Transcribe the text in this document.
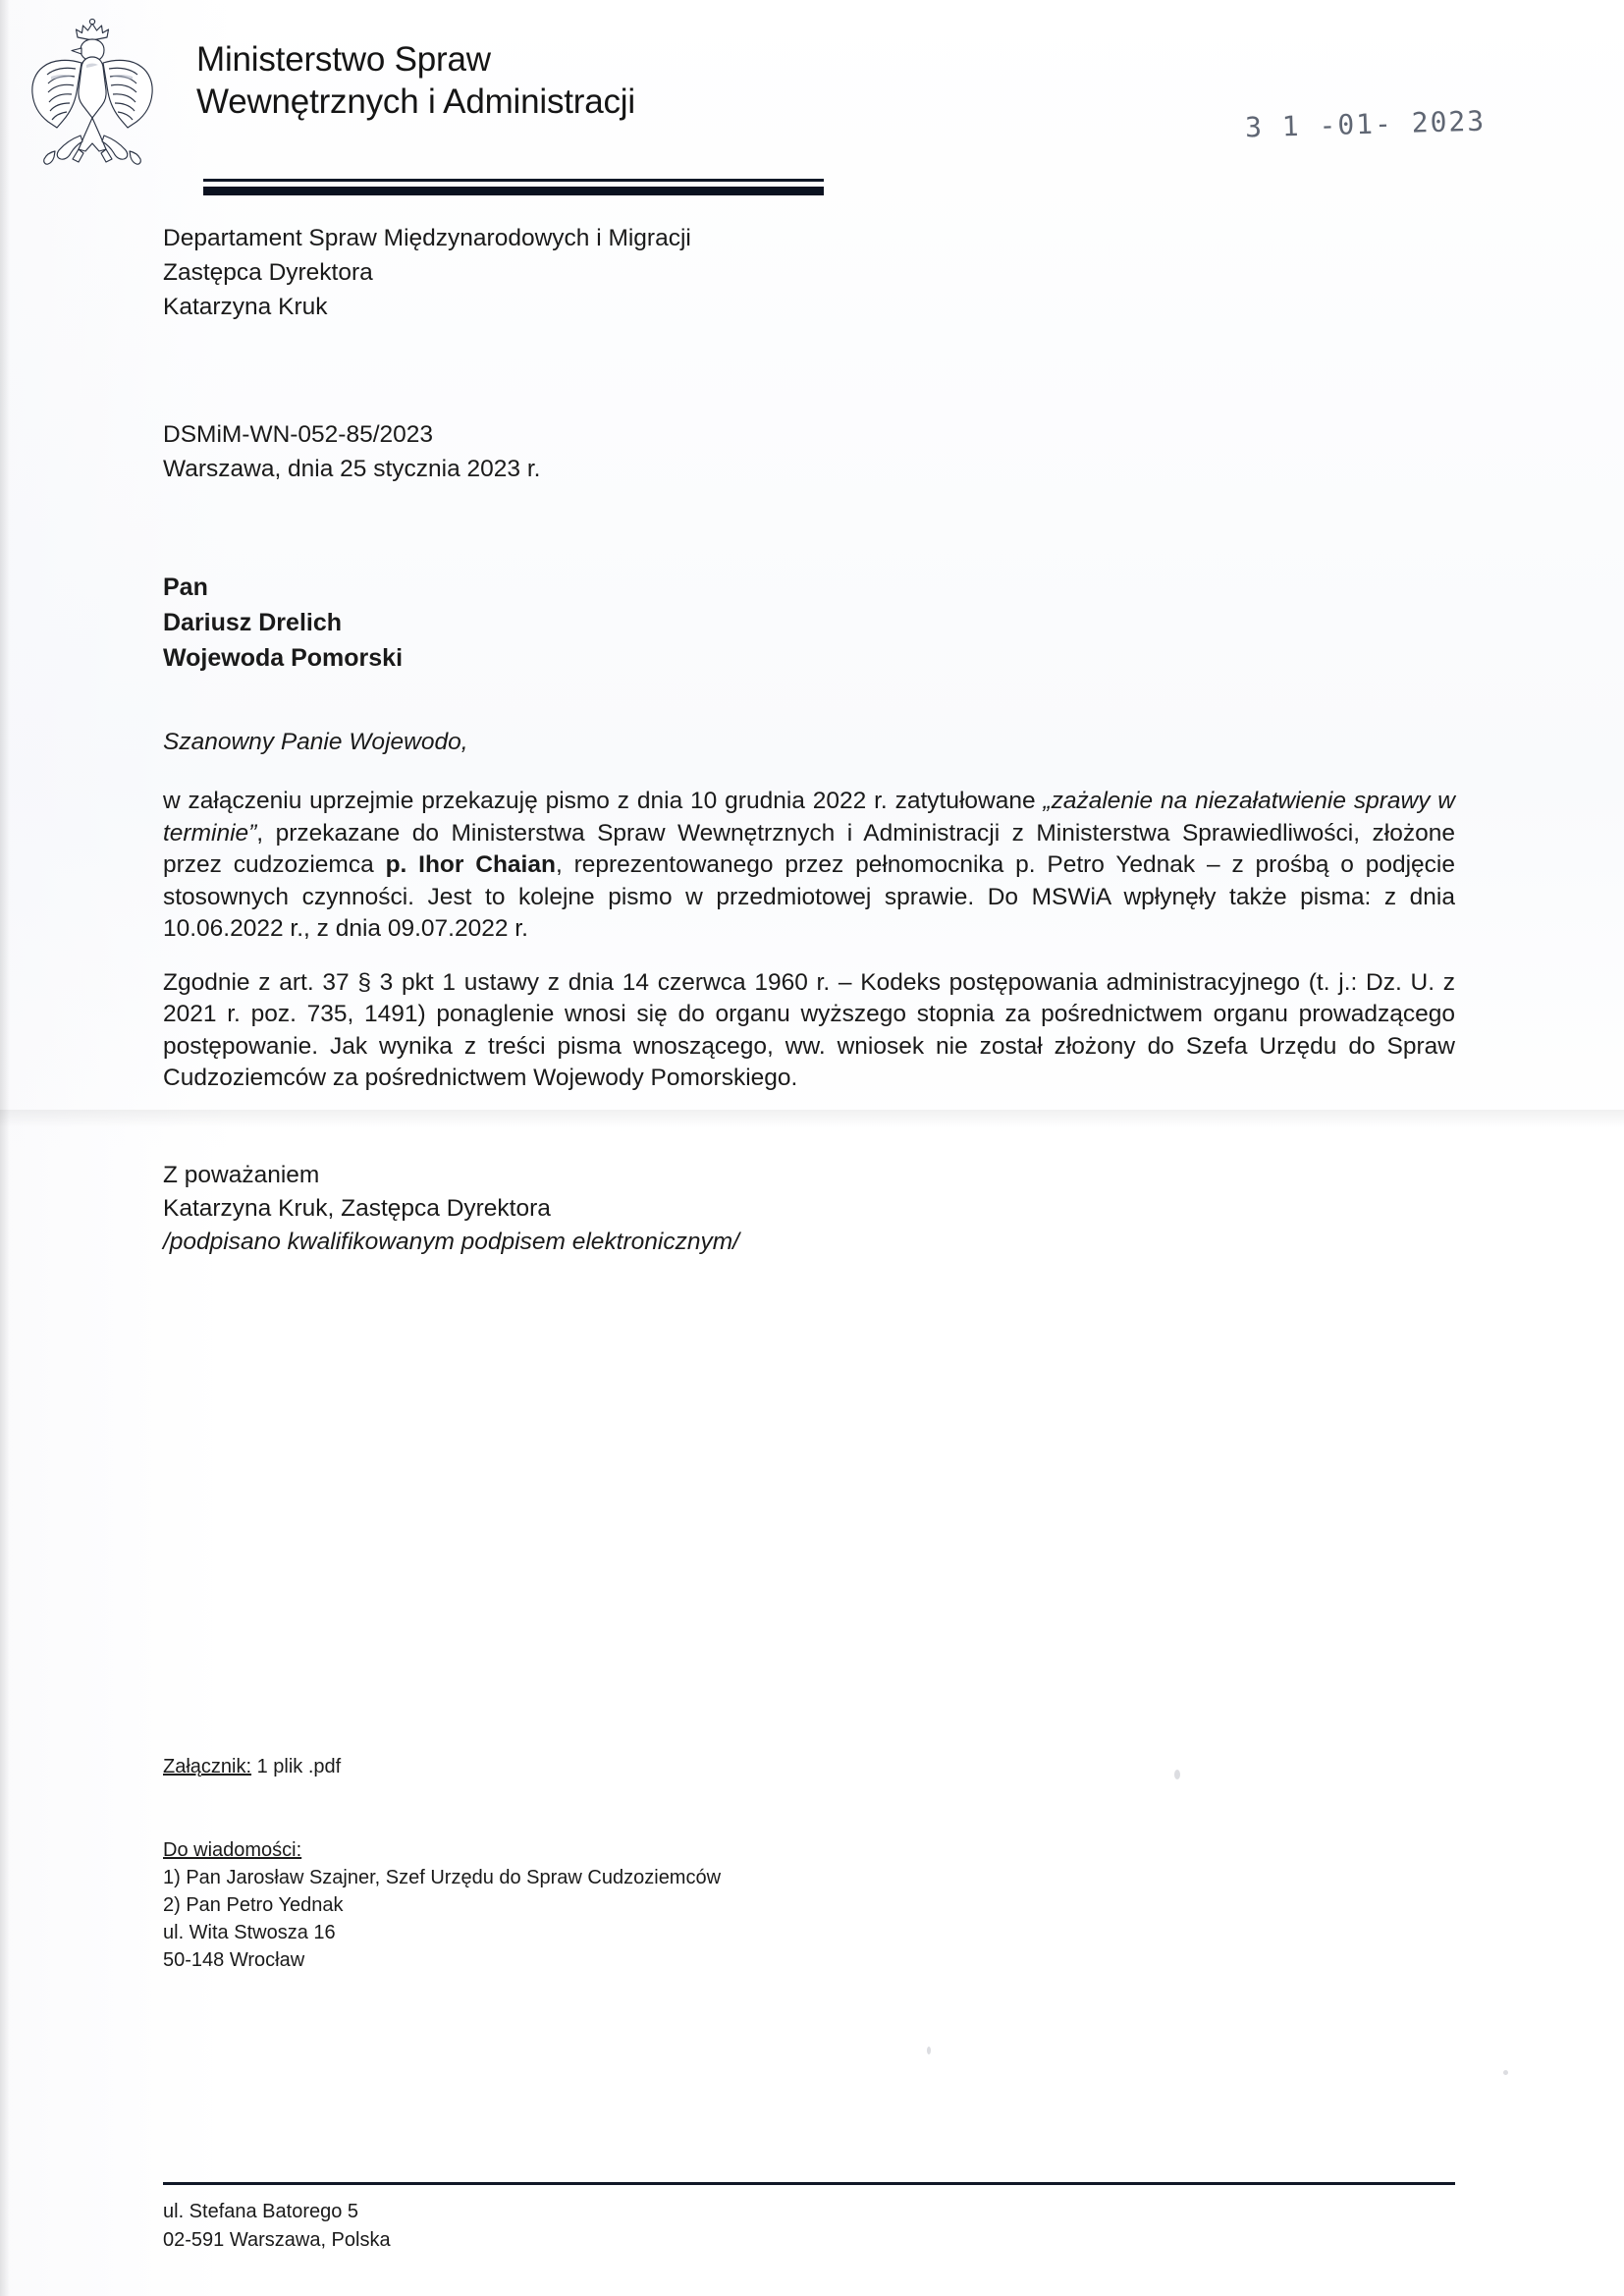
Ministerstwo Spraw
Wewnętrznych i Administracji
3 1 -01- 2023
Departament Spraw Międzynarodowych i Migracji
Zastępca Dyrektora
Katarzyna Kruk
DSMiM-WN-052-85/2023
Warszawa, dnia 25 stycznia 2023 r.
Pan
Dariusz Drelich
Wojewoda Pomorski
Szanowny Panie Wojewodo,

w załączeniu uprzejmie przekazuję pismo z dnia 10 grudnia 2022 r. zatytułowane „zażalenie na niezałatwienie sprawy w terminie”, przekazane do Ministerstwa Spraw Wewnętrznych i Administracji z Ministerstwa Sprawiedliwości, złożone przez cudzoziemca p. Ihor Chaian, reprezentowanego przez pełnomocnika p. Petro Yednak – z prośbą o podjęcie stosownych czynności. Jest to kolejne pismo w przedmiotowej sprawie. Do MSWiA wpłynęły także pisma: z dnia 10.06.2022 r., z dnia 09.07.2022 r.

Zgodnie z art. 37 § 3 pkt 1 ustawy z dnia 14 czerwca 1960 r. – Kodeks postępowania administracyjnego (t. j.: Dz. U. z 2021 r. poz. 735, 1491) ponaglenie wnosi się do organu wyższego stopnia za pośrednictwem organu prowadzącego postępowanie. Jak wynika z treści pisma wnoszącego, ww. wniosek nie został złożony do Szefa Urzędu do Spraw Cudzoziemców za pośrednictwem Wojewody Pomorskiego.

Z poważaniem
Katarzyna Kruk, Zastępca Dyrektora
/podpisano kwalifikowanym podpisem elektronicznym/
Załącznik: 1 plik .pdf
Do wiadomości:
1) Pan Jarosław Szajner, Szef Urzędu do Spraw Cudzoziemców
2) Pan Petro Yednak
ul. Wita Stwosza 16
50-148 Wrocław
ul. Stefana Batorego 5
02-591 Warszawa, Polska
